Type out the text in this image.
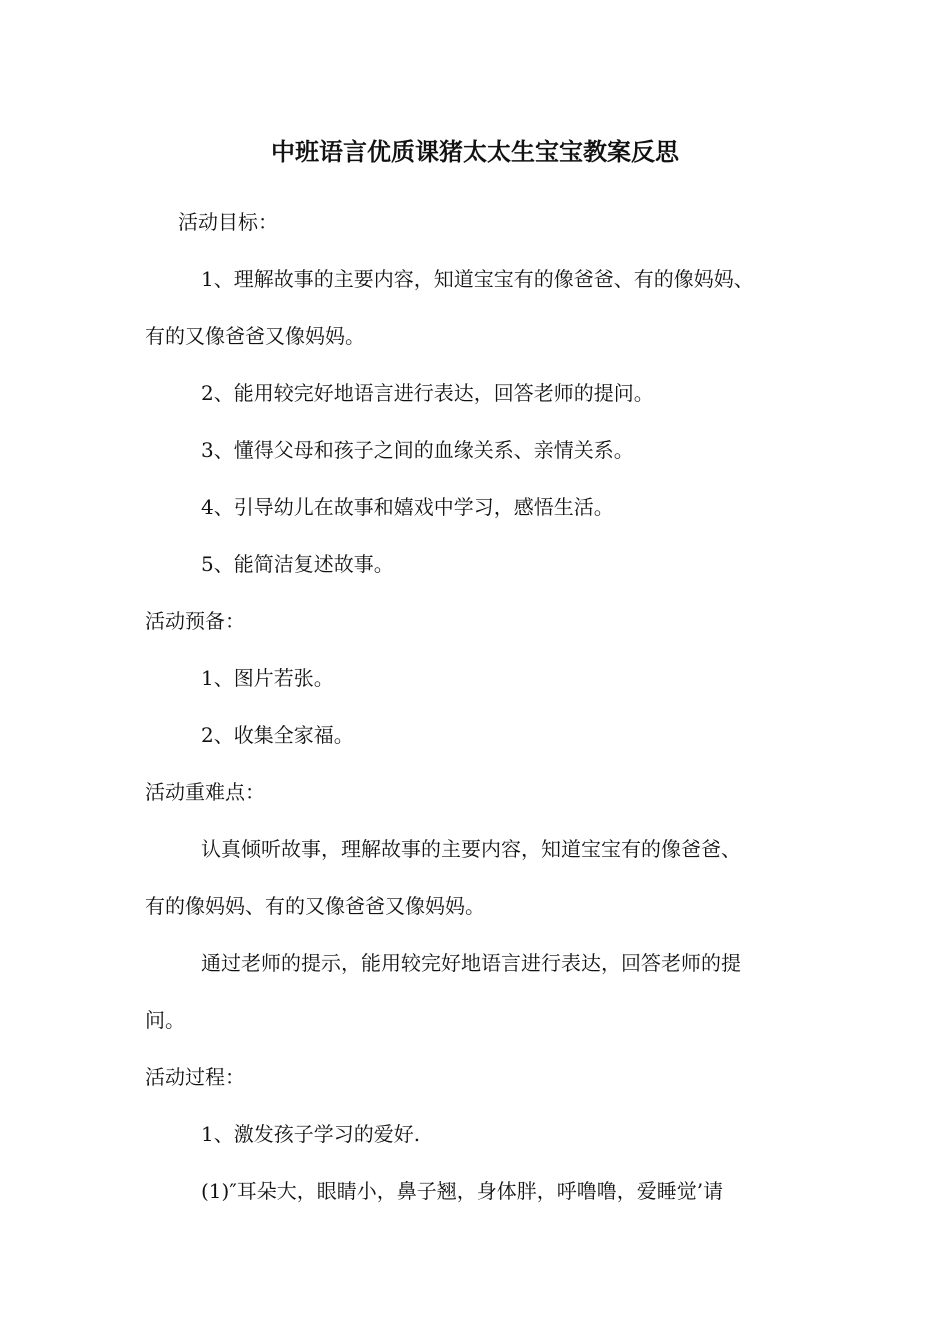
中班语言优质课猪太太生宝宝教案反思
活动目标：
1、理解故事的主要内容，知道宝宝有的像爸爸、有的像妈妈、
有的又像爸爸又像妈妈。
2、能用较完好地语言进行表达，回答老师的提问。
3、懂得父母和孩子之间的血缘关系、亲情关系。
4、引导幼儿在故事和嬉戏中学习，感悟生活。
5、能简洁复述故事。
活动预备：
1、图片若张。
2、收集全家福。
活动重难点：
认真倾听故事，理解故事的主要内容，知道宝宝有的像爸爸、
有的像妈妈、有的又像爸爸又像妈妈。
通过老师的提示，能用较完好地语言进行表达，回答老师的提
问。
活动过程：
1、激发孩子学习的爱好.
(1)″耳朵大，眼睛小，鼻子翘，身体胖，呼噜噜，爱睡觉’请
